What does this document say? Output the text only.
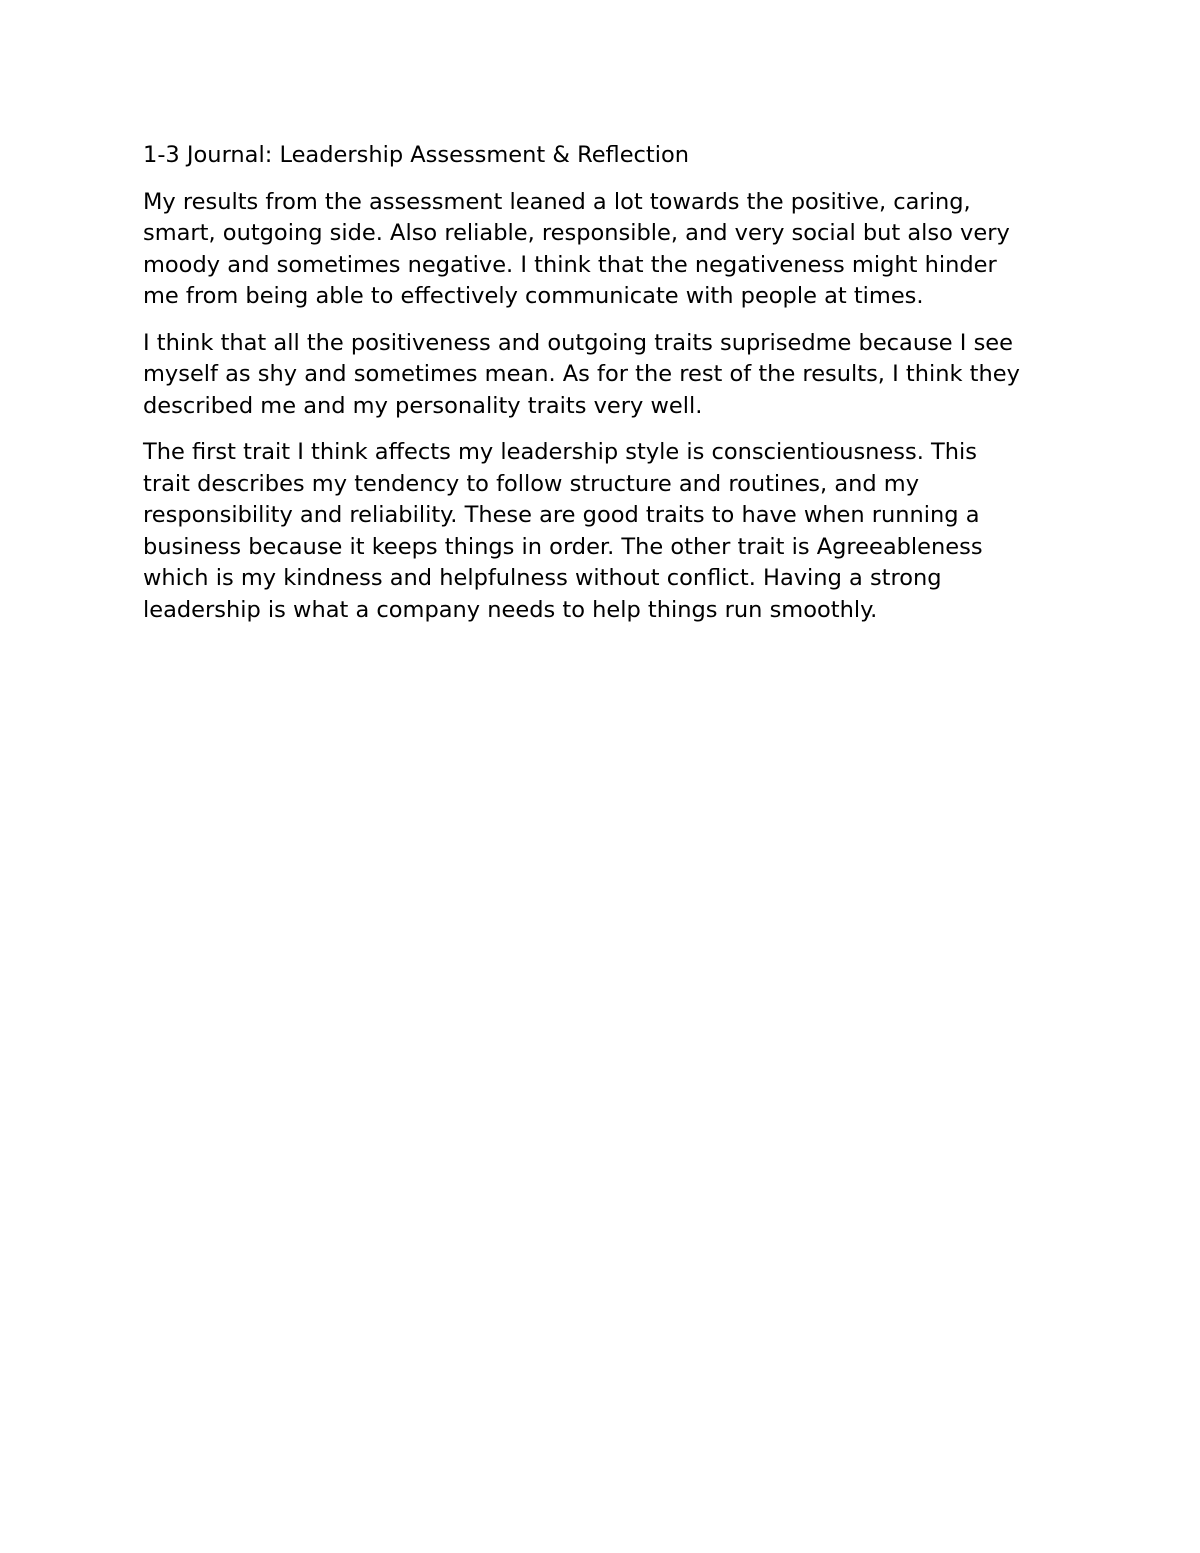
1-3 Journal: Leadership Assessment & Reflection
My results from the assessment leaned a lot towards the positive, caring,
smart, outgoing side. Also reliable, responsible, and very social but also very
moody and sometimes negative. I think that the negativeness might hinder
me from being able to effectively communicate with people at times.
I think that all the positiveness and outgoing traits suprisedme because I see
myself as shy and sometimes mean. As for the rest of the results, I think they
described me and my personality traits very well.
The first trait I think affects my leadership style is conscientiousness. This
trait describes my tendency to follow structure and routines, and my
responsibility and reliability. These are good traits to have when running a
business because it keeps things in order. The other trait is Agreeableness
which is my kindness and helpfulness without conflict. Having a strong
leadership is what a company needs to help things run smoothly.
